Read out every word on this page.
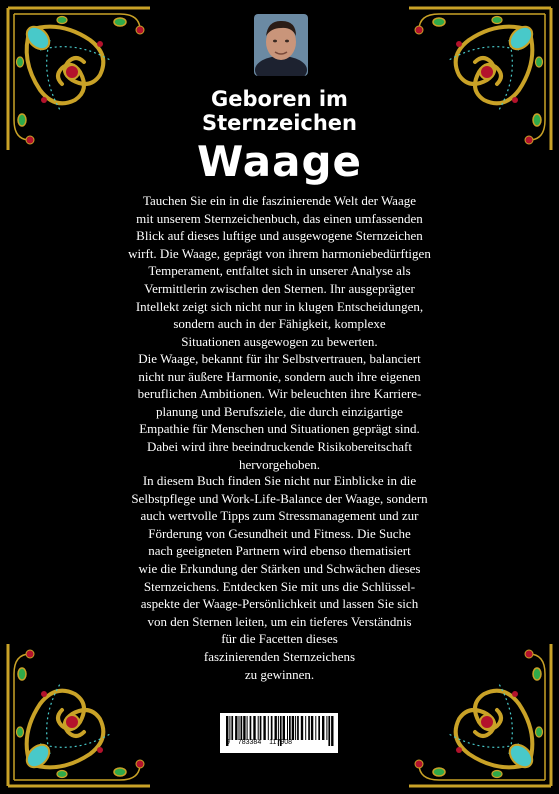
Geboren im
Sternzeichen
Waage
Tauchen Sie ein in die faszinierende Welt der Waage
mit unserem Sternzeichenbuch, das einen umfassenden
Blick auf dieses luftige und ausgewogene Sternzeichen
wirft. Die Waage, geprägt von ihrem harmoniebedürftigen
Temperament, entfaltet sich in unserer Analyse als
Vermittlerin zwischen den Sternen. Ihr ausgeprägter
Intellekt zeigt sich nicht nur in klugen Entscheidungen,
sondern auch in der Fähigkeit, komplexe
Situationen ausgewogen zu bewerten.
Die Waage, bekannt für ihr Selbstvertrauen, balanciert
nicht nur äußere Harmonie, sondern auch ihre eigenen
beruflichen Ambitionen. Wir beleuchten ihre Karriere-
planung und Berufsziele, die durch einzigartige
Empathie für Menschen und Situationen geprägt sind.
Dabei wird ihre beeindruckende Risikobereitschaft
hervorgehoben.
In diesem Buch finden Sie nicht nur Einblicke in die
Selbstpflege und Work-Life-Balance der Waage, sondern
auch wertvolle Tipps zum Stressmanagement und zur
Förderung von Gesundheit und Fitness. Die Suche
nach geeigneten Partnern wird ebenso thematisiert
wie die Erkundung der Stärken und Schwächen dieses
Sternzeichens. Entdecken Sie mit uns die Schlüssel-
aspekte der Waage-Persönlichkeit und lassen Sie sich
von den Sternen leiten, um ein tieferes Verständnis
für die Facetten dieses
faszinierenden Sternzeichens
zu gewinnen.
9 783384 117908
